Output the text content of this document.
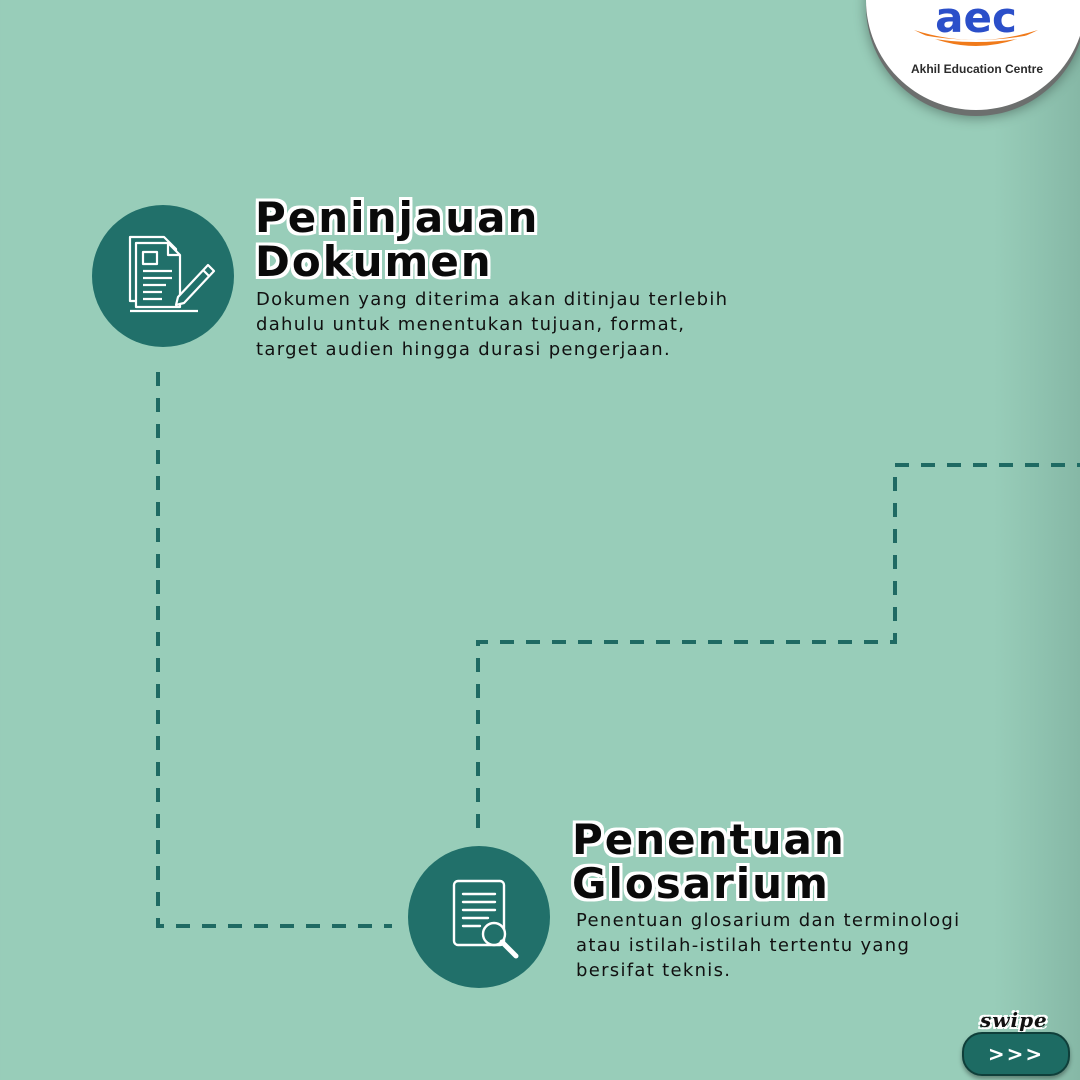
aec
Akhil Education Centre
Peninjauan
Dokumen

Dokumen yang diterima akan ditinjau terlebih
dahulu untuk menentukan tujuan, format,
target audien hingga durasi pengerjaan.

Penentuan
Glosarium

Penentuan glosarium dan terminologi
atau istilah-istilah tertentu yang
bersifat teknis.

swipe
>>>
